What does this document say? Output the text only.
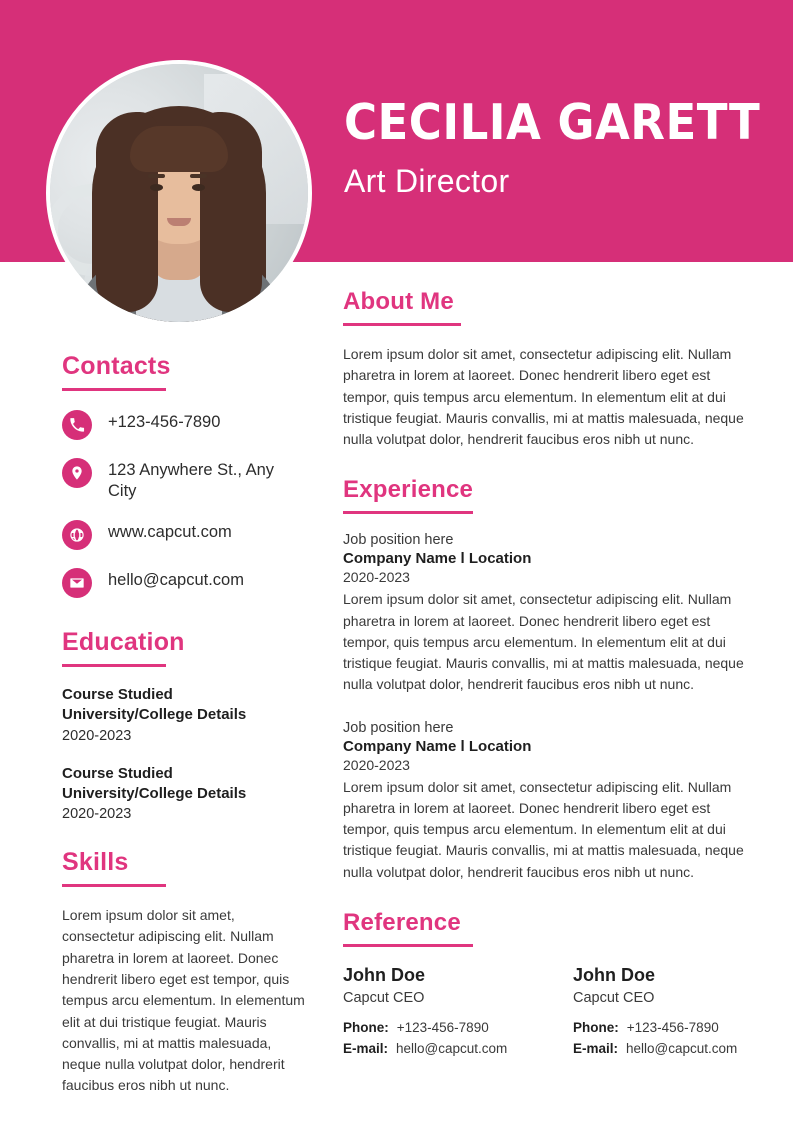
CECILIA GARETT
Art Director
Contacts
+123-456-7890
123 Anywhere St., Any City
www.capcut.com
hello@capcut.com
Education
Course Studied
University/College Details
2020-2023
Course Studied
University/College Details
2020-2023
Skills
Lorem ipsum dolor sit amet, consectetur adipiscing elit. Nullam pharetra in lorem at laoreet. Donec hendrerit libero eget est tempor, quis tempus arcu elementum. In elementum elit at dui tristique feugiat. Mauris convallis, mi at mattis malesuada, neque nulla volutpat dolor, hendrerit faucibus eros nibh ut nunc.
About Me
Lorem ipsum dolor sit amet, consectetur adipiscing elit. Nullam pharetra in lorem at laoreet. Donec hendrerit libero eget est tempor, quis tempus arcu elementum. In elementum elit at dui tristique feugiat. Mauris convallis, mi at mattis malesuada, neque nulla volutpat dolor, hendrerit faucibus eros nibh ut nunc.
Experience
Job position here
Company Name l Location
2020-2023
Lorem ipsum dolor sit amet, consectetur adipiscing elit. Nullam pharetra in lorem at laoreet. Donec hendrerit libero eget est tempor, quis tempus arcu elementum. In elementum elit at dui tristique feugiat. Mauris convallis, mi at mattis malesuada, neque nulla volutpat dolor, hendrerit faucibus eros nibh ut nunc.
Job position here
Company Name l Location
2020-2023
Lorem ipsum dolor sit amet, consectetur adipiscing elit. Nullam pharetra in lorem at laoreet. Donec hendrerit libero eget est tempor, quis tempus arcu elementum. In elementum elit at dui tristique feugiat. Mauris convallis, mi at mattis malesuada, neque nulla volutpat dolor, hendrerit faucibus eros nibh ut nunc.
Reference
John Doe
Capcut CEO
Phone: +123-456-7890
E-mail: hello@capcut.com
John Doe
Capcut CEO
Phone: +123-456-7890
E-mail: hello@capcut.com
